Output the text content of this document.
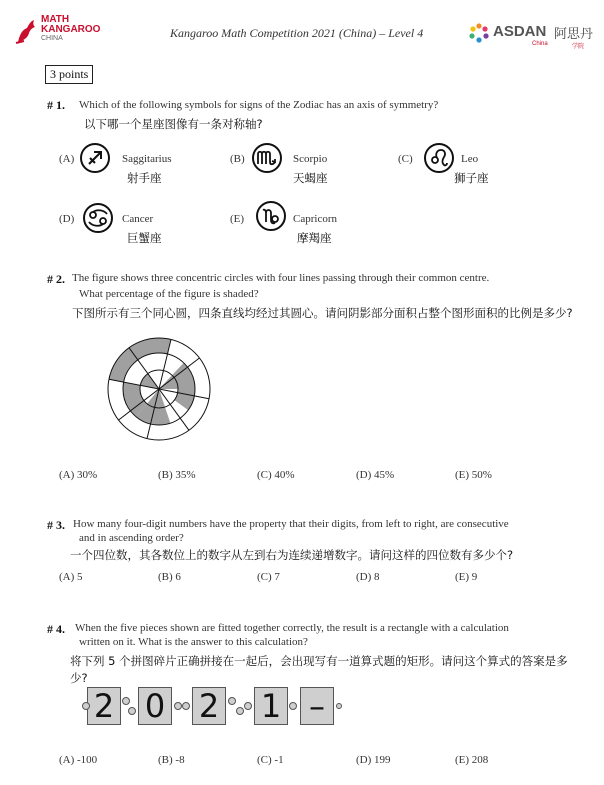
MATH
KANGAROO
CHINA	Kangaroo Math Competition 2021 (China) – Level 4	ASDAN
China
阿思丹
学院
3 points
# 1. Which of the following symbols for signs of the Zodiac has an axis of symmetry?
以下哪一个星座图像有一条对称轴?
(A)	Saggitarius
射手座
(B)	Scorpio
天蝎座
(C)	Leo
狮子座
(D)	Cancer
巨蟹座
(E)	Capricorn
摩羯座
# 2. The figure shows three concentric circles with four lines passing through their common centre.
What percentage of the figure is shaded?
下图所示有三个同心圆，四条直线均经过其圆心。请问阴影部分面积占整个图形面积的比例是多少?
(A) 30%	(B) 35%	(C) 40%	(D) 45%	(E) 50%
# 3. How many four-digit numbers have the property that their digits, from left to right, are consecutive
and in ascending order?
一个四位数，其各数位上的数字从左到右为连续递增数字。请问这样的四位数有多少个?
(A) 5	(B) 6	(C) 7	(D) 8	(E) 9
# 4. When the five pieces shown are fitted together correctly, the result is a rectangle with a calculation
written on it. What is the answer to this calculation?
将下列 5 个拼图碎片正确拼接在一起后，会出现写有一道算式题的矩形。请问这个算式的答案是多
少?
2 0 2 1 –
(A) -100	(B) -8	(C) -1	(D) 199	(E) 208
